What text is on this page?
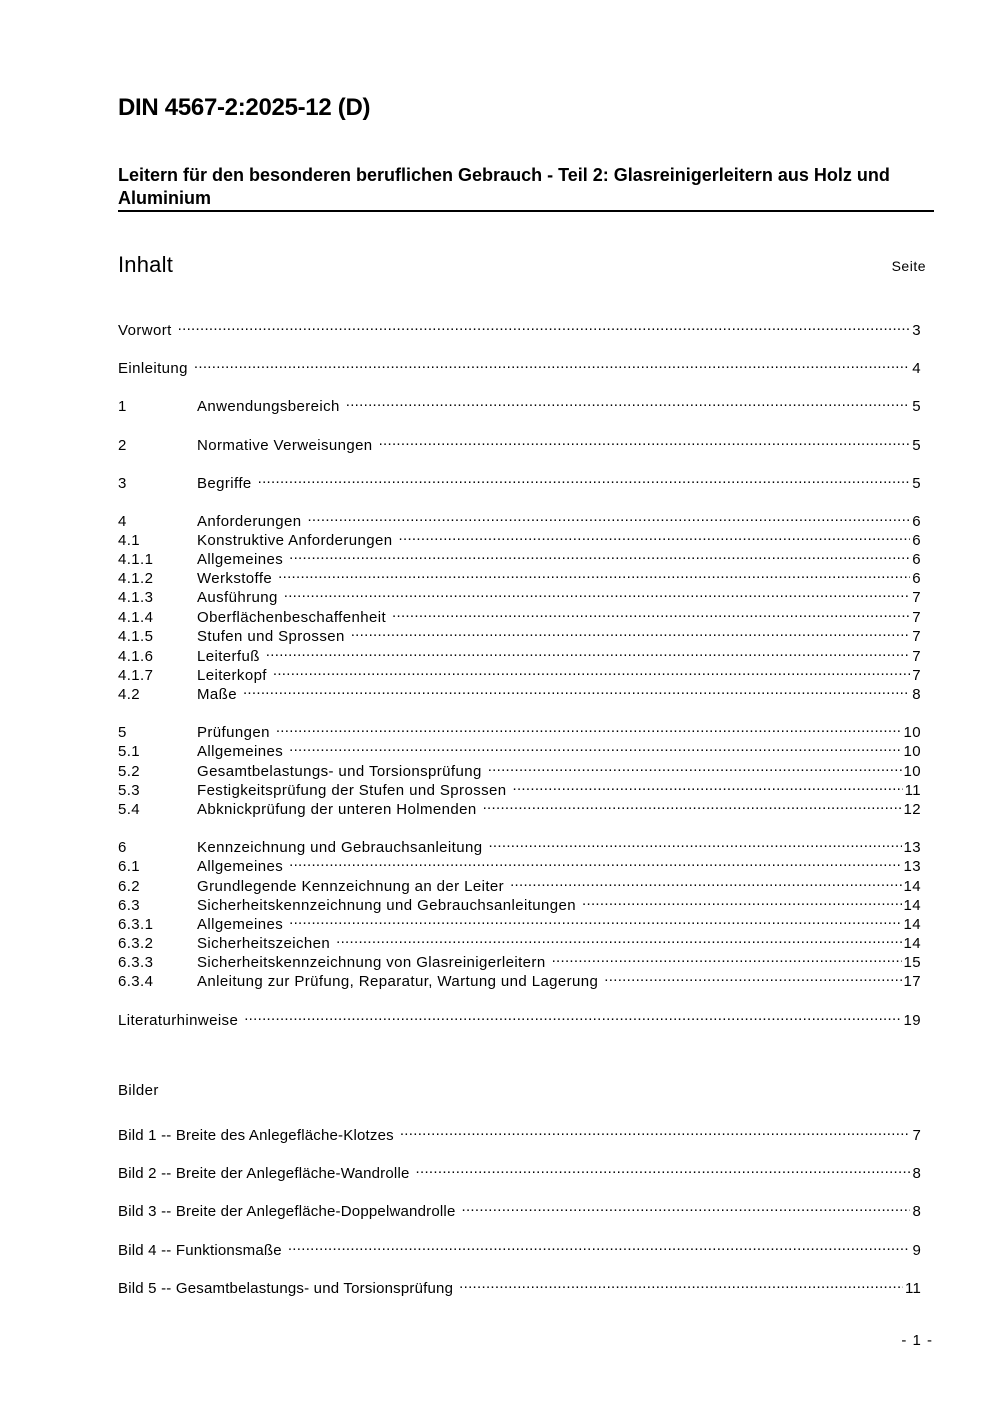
DIN 4567-2:2025-12 (D)
Leitern für den besonderen beruflichen Gebrauch - Teil 2: Glasreinigerleitern aus Holz und Aluminium
Inhalt	Seite
Vorwort .....	3
Einleitung .....	4
1	Anwendungsbereich .....	5
2	Normative Verweisungen .....	5
3	Begriffe .....	5
4	Anforderungen .....	6
4.1	Konstruktive Anforderungen .....	6
4.1.1	Allgemeines .....	6
4.1.2	Werkstoffe .....	6
4.1.3	Ausführung .....	7
4.1.4	Oberflächenbeschaffenheit .....	7
4.1.5	Stufen und Sprossen .....	7
4.1.6	Leiterfuß .....	7
4.1.7	Leiterkopf .....	7
4.2	Maße .....	8
5	Prüfungen .....	10
5.1	Allgemeines .....	10
5.2	Gesamtbelastungs- und Torsionsprüfung .....	10
5.3	Festigkeitsprüfung der Stufen und Sprossen .....	11
5.4	Abknickprüfung der unteren Holmenden .....	12
6	Kennzeichnung und Gebrauchsanleitung .....	13
6.1	Allgemeines .....	13
6.2	Grundlegende Kennzeichnung an der Leiter .....	14
6.3	Sicherheitskennzeichnung und Gebrauchsanleitungen .....	14
6.3.1	Allgemeines .....	14
6.3.2	Sicherheitszeichen .....	14
6.3.3	Sicherheitskennzeichnung von Glasreinigerleitern .....	15
6.3.4	Anleitung zur Prüfung, Reparatur, Wartung und Lagerung .....	17
Literaturhinweise .....	19
Bilder
Bild 1 -- Breite des Anlegefläche-Klotzes .....	7
Bild 2 -- Breite der Anlegefläche-Wandrolle .....	8
Bild 3 -- Breite der Anlegefläche-Doppelwandrolle .....	8
Bild 4 -- Funktionsmaße .....	9
Bild 5 -- Gesamtbelastungs- und Torsionsprüfung .....	11
- 1 -
